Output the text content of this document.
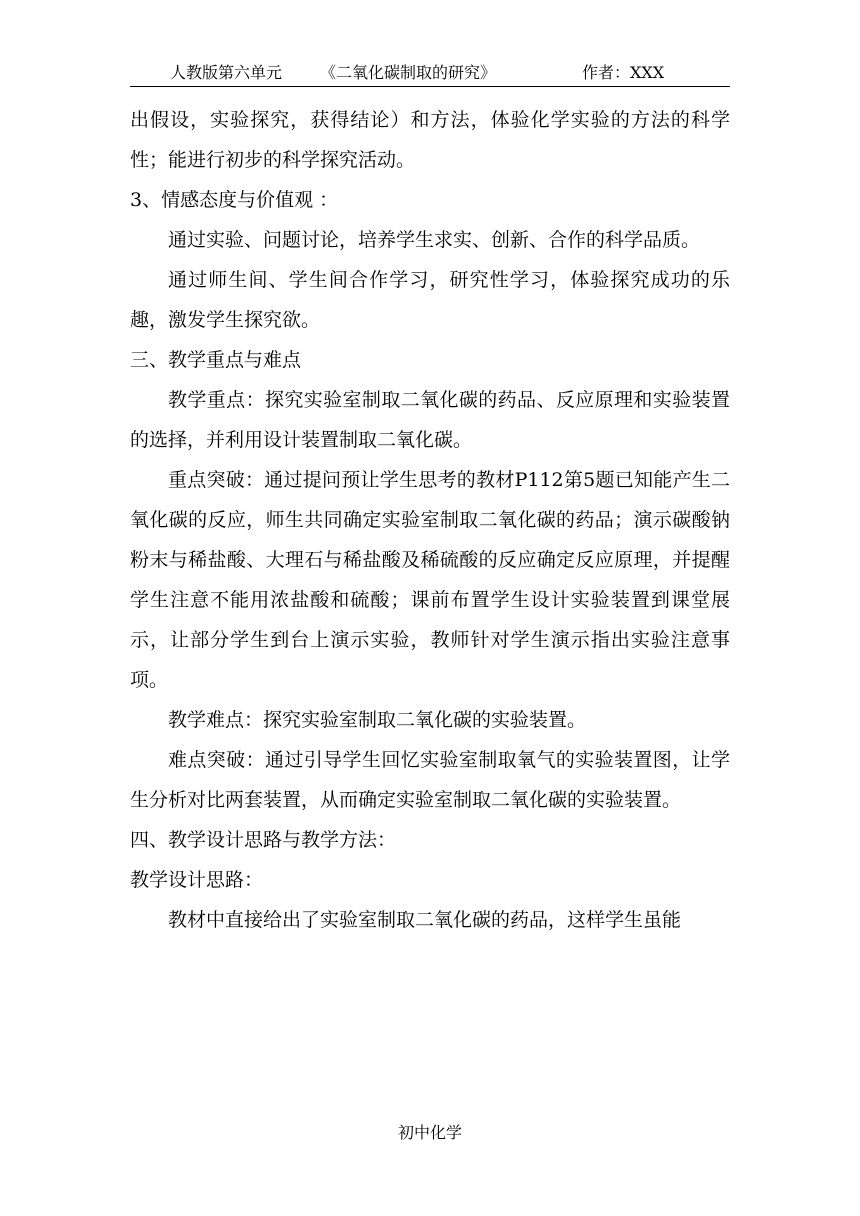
人教版第六单元 《二氧化碳制取的研究》	作者：XXX

出假设，实验探究，获得结论）和方法，体验化学实验的方法的科学性；能进行初步的科学探究活动。

3、情感态度与价值观 ：

通过实验、问题讨论，培养学生求实、创新、合作的科学品质。

通过师生间、学生间合作学习，研究性学习，体验探究成功的乐趣，激发学生探究欲。

三、教学重点与难点

教学重点：探究实验室制取二氧化碳的药品、反应原理和实验装置的选择，并利用设计装置制取二氧化碳。

重点突破：通过提问预让学生思考的教材P112第5题已知能产生二氧化碳的反应，师生共同确定实验室制取二氧化碳的药品；演示碳酸钠粉末与稀盐酸、大理石与稀盐酸及稀硫酸的反应确定反应原理，并提醒学生注意不能用浓盐酸和硫酸；课前布置学生设计实验装置到课堂展示，让部分学生到台上演示实验，教师针对学生演示指出实验注意事项。

教学难点：探究实验室制取二氧化碳的实验装置。

难点突破：通过引导学生回忆实验室制取氧气的实验装置图，让学生分析对比两套装置，从而确定实验室制取二氧化碳的实验装置。

四、教学设计思路与教学方法：

教学设计思路：

教材中直接给出了实验室制取二氧化碳的药品，这样学生虽能

初中化学
